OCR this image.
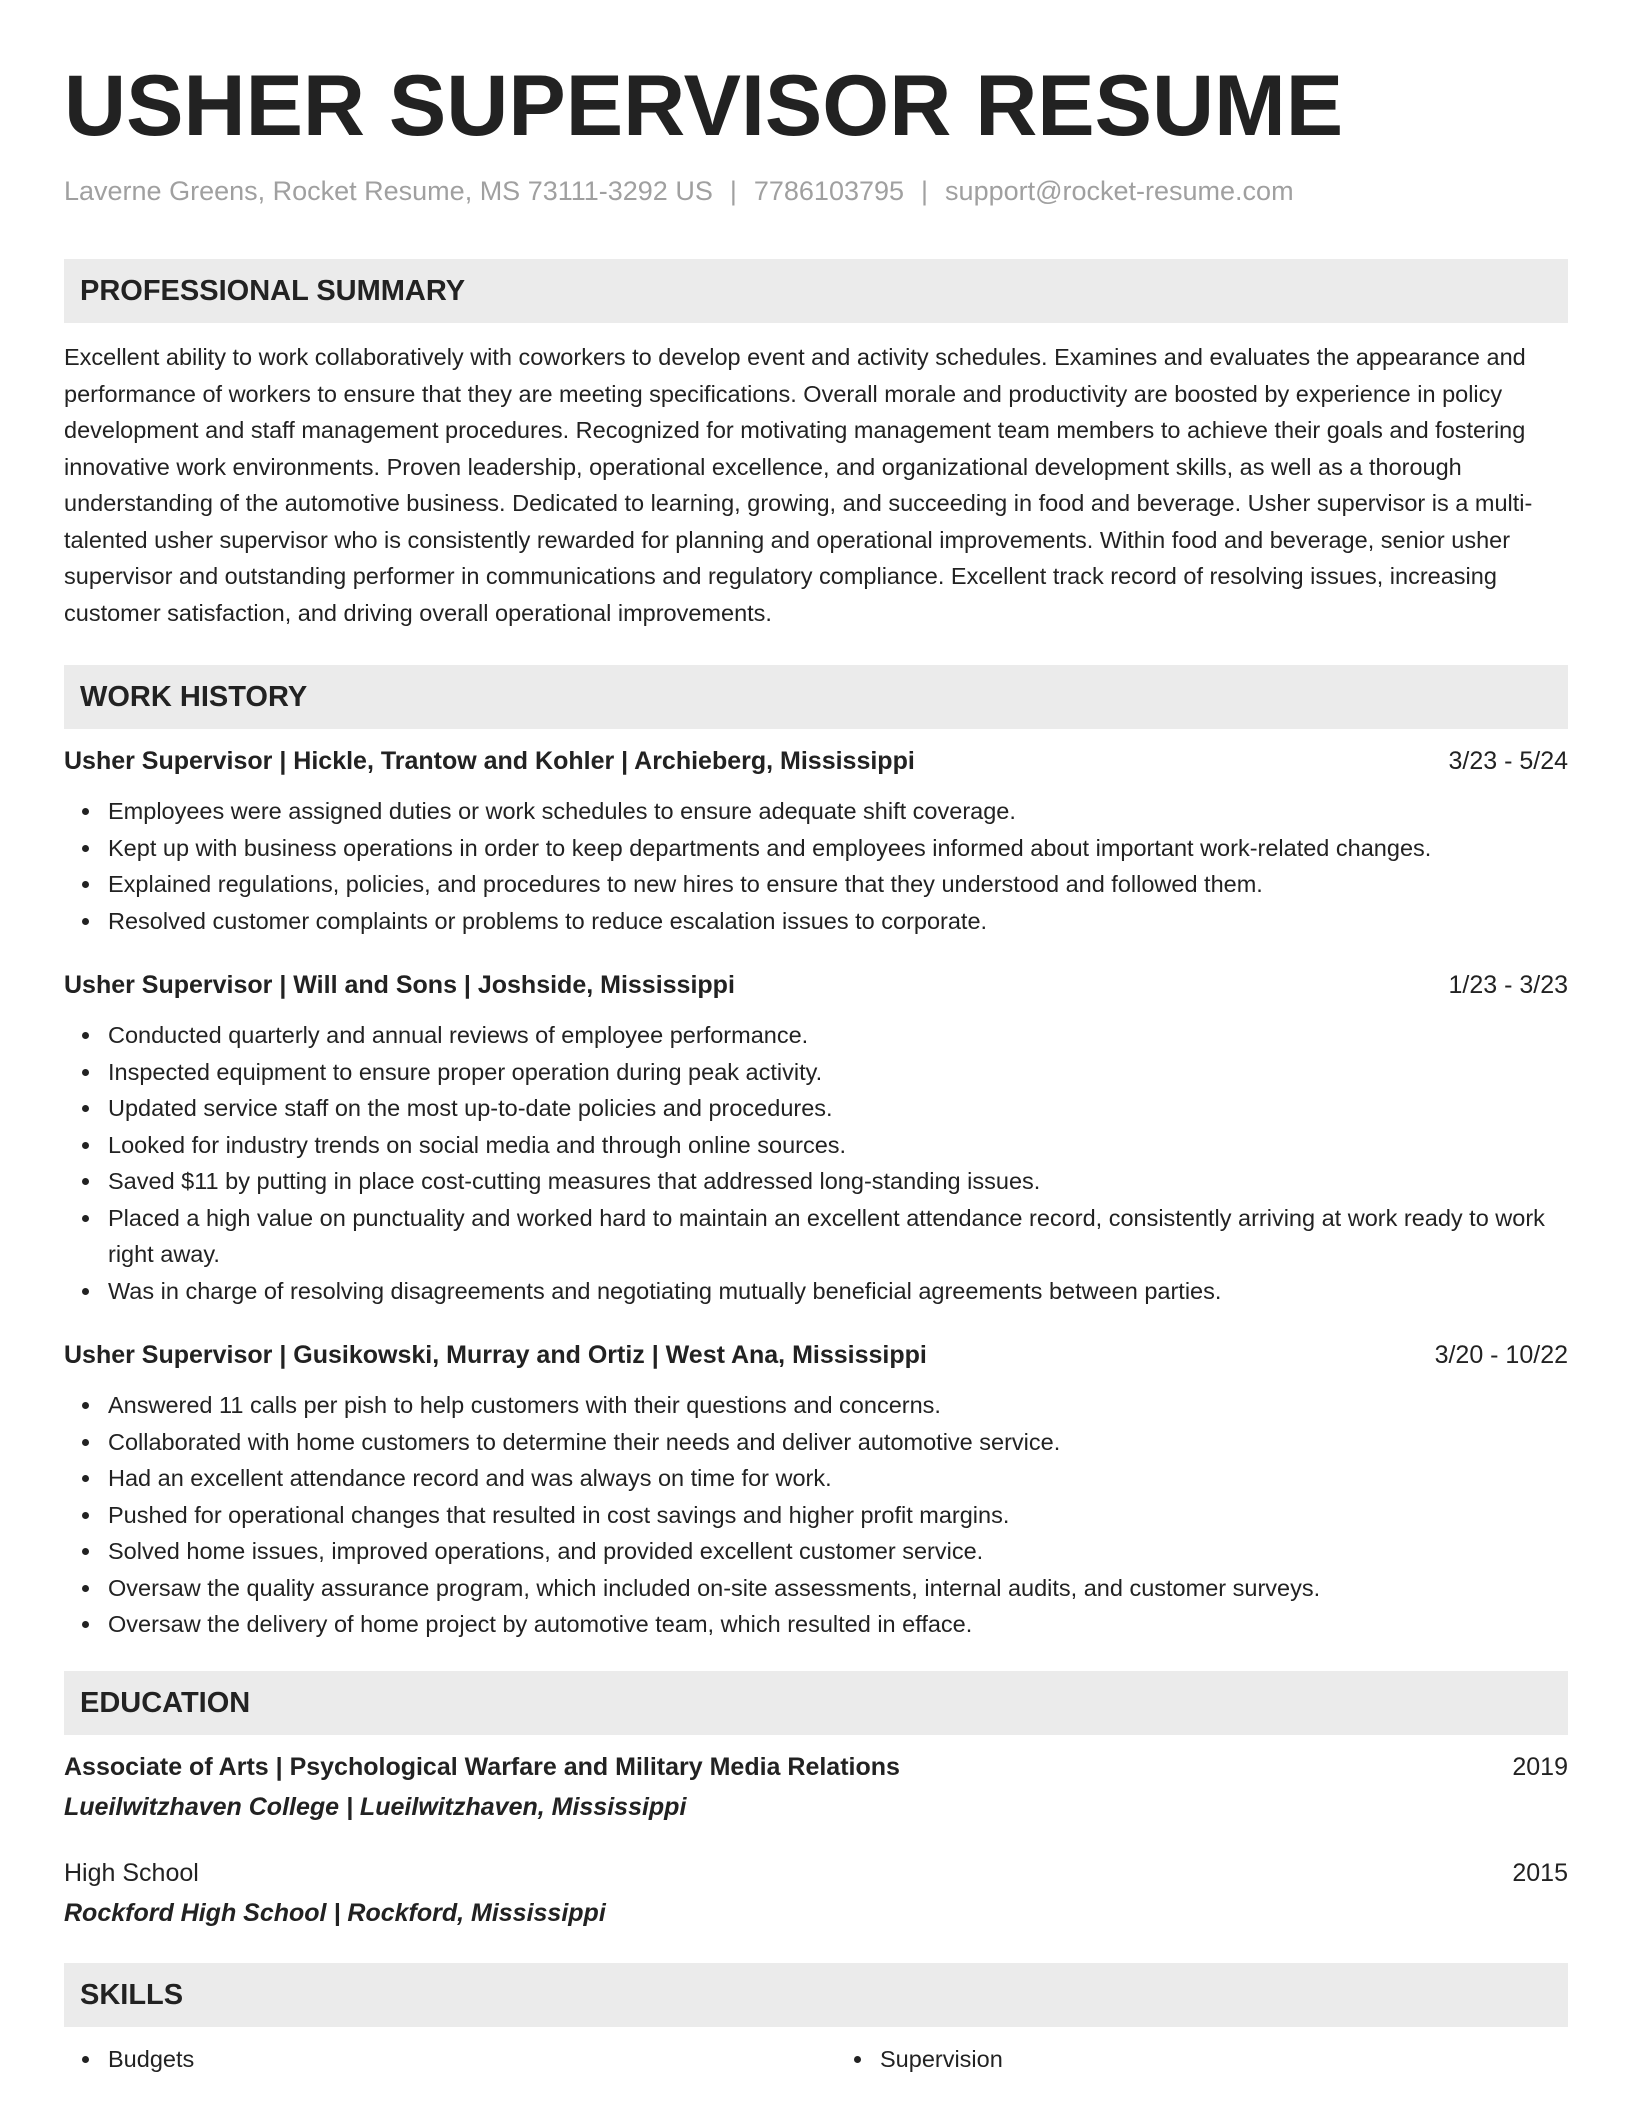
USHER SUPERVISOR RESUME
Laverne Greens, Rocket Resume, MS 73111-3292 US | 7786103795 | support@rocket-resume.com
PROFESSIONAL SUMMARY
Excellent ability to work collaboratively with coworkers to develop event and activity schedules. Examines and evaluates the appearance and performance of workers to ensure that they are meeting specifications. Overall morale and productivity are boosted by experience in policy development and staff management procedures. Recognized for motivating management team members to achieve their goals and fostering innovative work environments. Proven leadership, operational excellence, and organizational development skills, as well as a thorough understanding of the automotive business. Dedicated to learning, growing, and succeeding in food and beverage. Usher supervisor is a multi-talented usher supervisor who is consistently rewarded for planning and operational improvements. Within food and beverage, senior usher supervisor and outstanding performer in communications and regulatory compliance. Excellent track record of resolving issues, increasing customer satisfaction, and driving overall operational improvements.
WORK HISTORY
Usher Supervisor | Hickle, Trantow and Kohler | Archieberg, Mississippi	3/23 - 5/24
Employees were assigned duties or work schedules to ensure adequate shift coverage.
Kept up with business operations in order to keep departments and employees informed about important work-related changes.
Explained regulations, policies, and procedures to new hires to ensure that they understood and followed them.
Resolved customer complaints or problems to reduce escalation issues to corporate.
Usher Supervisor | Will and Sons | Joshside, Mississippi	1/23 - 3/23
Conducted quarterly and annual reviews of employee performance.
Inspected equipment to ensure proper operation during peak activity.
Updated service staff on the most up-to-date policies and procedures.
Looked for industry trends on social media and through online sources.
Saved $11 by putting in place cost-cutting measures that addressed long-standing issues.
Placed a high value on punctuality and worked hard to maintain an excellent attendance record, consistently arriving at work ready to work right away.
Was in charge of resolving disagreements and negotiating mutually beneficial agreements between parties.
Usher Supervisor | Gusikowski, Murray and Ortiz | West Ana, Mississippi	3/20 - 10/22
Answered 11 calls per pish to help customers with their questions and concerns.
Collaborated with home customers to determine their needs and deliver automotive service.
Had an excellent attendance record and was always on time for work.
Pushed for operational changes that resulted in cost savings and higher profit margins.
Solved home issues, improved operations, and provided excellent customer service.
Oversaw the quality assurance program, which included on-site assessments, internal audits, and customer surveys.
Oversaw the delivery of home project by automotive team, which resulted in efface.
EDUCATION
Associate of Arts | Psychological Warfare and Military Media Relations	2019
Lueilwitzhaven College | Lueilwitzhaven, Mississippi
High School	2015
Rockford High School | Rockford, Mississippi
SKILLS
Budgets	Supervision
